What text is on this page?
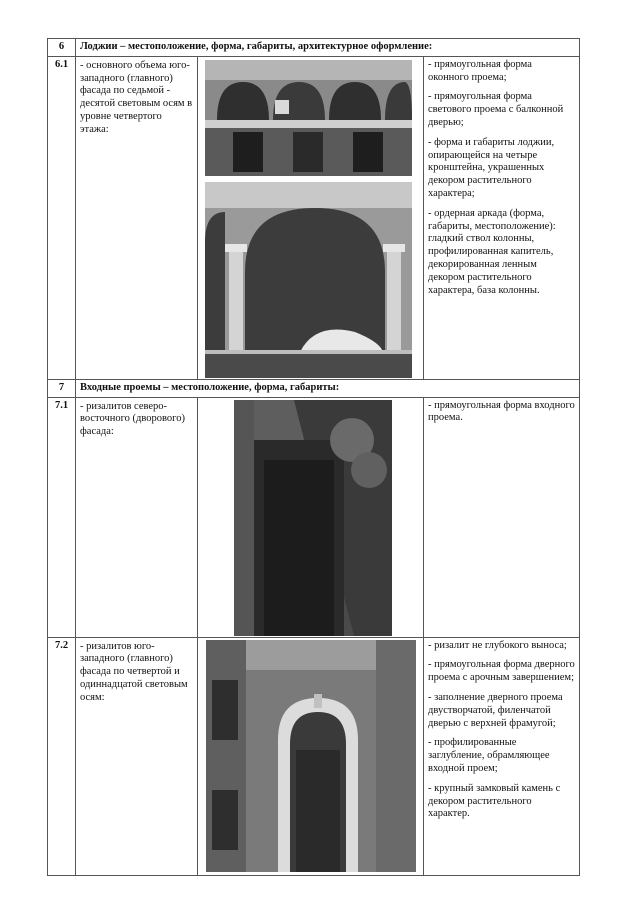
6	Лоджии – местоположение, форма, габариты, архитектурное оформление:		
6.1	- основного объема юго-западного (главного) фасада по седьмой - десятой световым осям в уровне четвертого этажа:		- прямоугольная форма оконного проема;

- прямоугольная форма светового проема с балконной дверью;

- форма и габариты лоджии, опирающейся на четыре кронштейна, украшенных декором растительного характера;

- ордерная аркада (форма, габариты, местоположение): гладкий ствол колонны, профилированная капитель, декорированная ленным декором растительного характера, база колонны.

7	Входные проемы – местоположение, форма, габариты:		
7.1	- ризалитов северо-восточного (дворового) фасада:		- прямоугольная форма входного проема.

7.2	- ризалитов юго-западного (главного) фасада по четвертой и одиннадцатой световым осям:		- ризалит не глубокого выноса;

- прямоугольная форма дверного проема с арочным завершением;

- заполнение дверного проема двустворчатой, филенчатой дверью с верхней фрамугой;

- профилированные заглубление, обрамляющее входной проем;

- крупный замковый камень с декором растительного характер.
